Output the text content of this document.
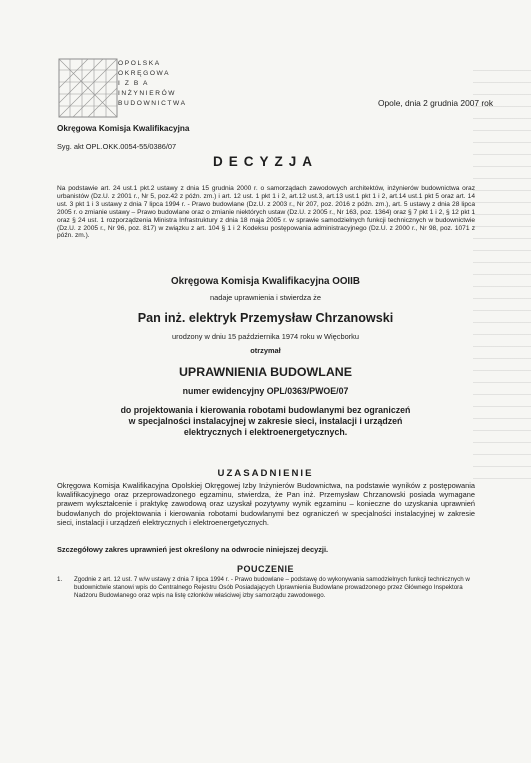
OPOLSKA
OKRĘGOWA
I Z B A
INŻYNIERÓW
BUDOWNICTWA
Okręgowa Komisja Kwalifikacyjna
Opole, dnia 2 grudnia 2007 rok
Syg. akt OPL.OKK.0054-55/0386/07
DECYZJA
Na podstawie art. 24 ust.1 pkt.2 ustawy z dnia 15 grudnia 2000 r. o samorządach zawodowych architektów, inżynierów budownictwa oraz urbanistów (Dz.U. z 2001 r., Nr 5, poz.42 z późn. zm.) i art. 12 ust. 1 pkt 1 i 2, art.12 ust.3, art.13 ust.1 pkt 1 i 2, art.14 ust.1 pkt 5 oraz art. 14 ust. 3 pkt 1 i 3 ustawy z dnia 7 lipca 1994 r. - Prawo budowlane (Dz.U. z 2003 r., Nr 207, poz. 2016 z późn. zm.), art. 5 ustawy z dnia 28 lipca 2005 r. o zmianie ustawy – Prawo budowlane oraz o zmianie niektórych ustaw (Dz.U. z 2005 r., Nr 163, poz. 1364) oraz § 7 pkt 1 i 2, § 12 pkt 1 oraz § 24 ust. 1 rozporządzenia Ministra Infrastruktury z dnia 18 maja 2005 r. w sprawie samodzielnych funkcji technicznych w budownictwie (Dz.U. z 2005 r., Nr 96, poz. 817) w związku z art. 104 § 1 i 2 Kodeksu postępowania administracyjnego (Dz.U. z 2000 r., Nr 98, poz. 1071 z późn. zm.).
Okręgowa Komisja Kwalifikacyjna OOIIB
nadaje uprawnienia i stwierdza że
Pan inż. elektryk Przemysław Chrzanowski
urodzony w dniu 15 października 1974 roku w Więcborku
otrzymał
UPRAWNIENIA BUDOWLANE
numer ewidencyjny OPL/0363/PWOE/07
do projektowania i kierowania robotami budowlanymi bez ograniczeń
w specjalności instalacyjnej w zakresie sieci, instalacji i urządzeń
elektrycznych i elektroenergetycznych.
UZASADNIENIE
Okręgowa Komisja Kwalifikacyjna Opolskiej Okręgowej Izby Inżynierów Budownictwa, na podstawie wyników z postępowania kwalifikacyjnego oraz przeprowadzonego egzaminu, stwierdza, że Pan inż. Przemysław Chrzanowski posiada wymagane prawem wykształcenie i praktykę zawodową oraz uzyskał pozytywny wynik egzaminu – konieczne do uzyskania uprawnień budowlanych do projektowania i kierowania robotami budowlanymi bez ograniczeń w specjalności instalacyjnej w zakresie sieci, instalacji i urządzeń elektrycznych i elektroenergetycznych.
Szczegółowy zakres uprawnień jest określony na odwrocie niniejszej decyzji.
POUCZENIE
1.	Zgodnie z art. 12 ust. 7 w/w ustawy z dnia 7 lipca 1994 r. - Prawo budowlane – podstawę do wykonywania samodzielnych funkcji technicznych w budownictwie stanowi wpis do Centralnego Rejestru Osób Posiadających Uprawnienia Budowlane prowadzonego przez Głównego Inspektora Nadzoru Budowlanego oraz wpis na listę członków właściwej izby samorządu zawodowego.
